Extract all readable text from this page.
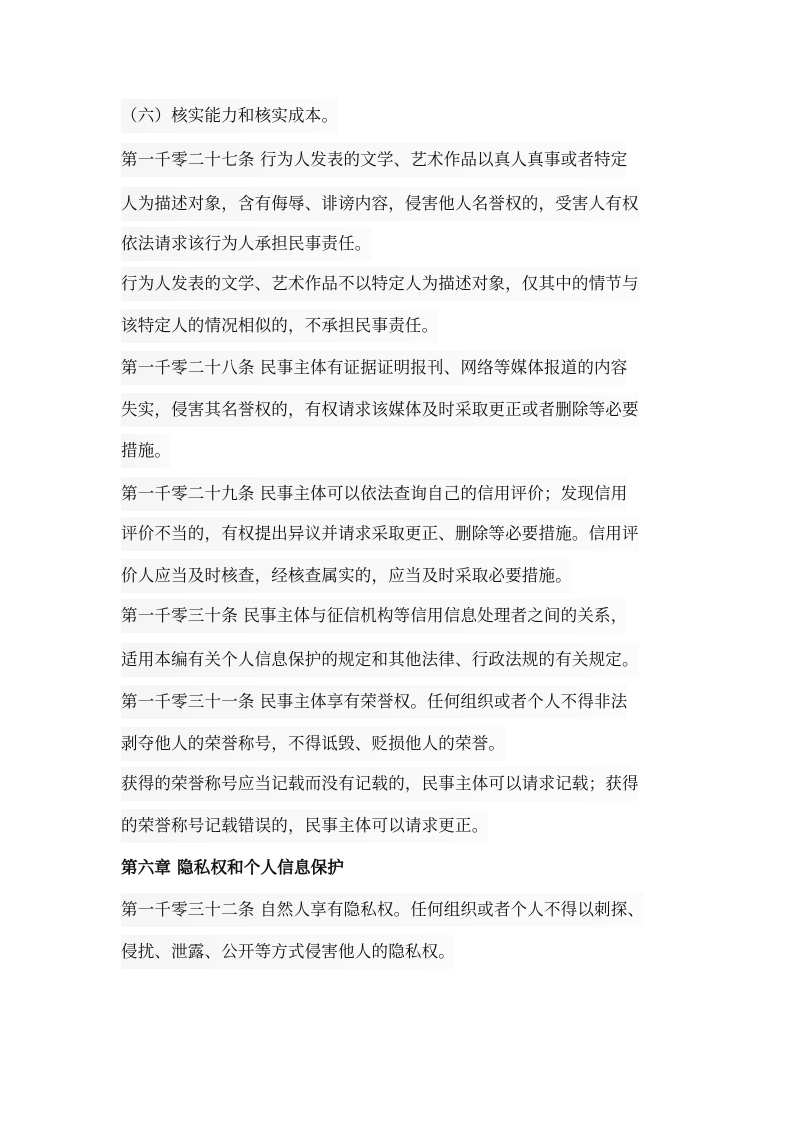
（六）核实能力和核实成本。
第一千零二十七条 行为人发表的文学、艺术作品以真人真事或者特定
人为描述对象，含有侮辱、诽谤内容，侵害他人名誉权的，受害人有权
依法请求该行为人承担民事责任。
行为人发表的文学、艺术作品不以特定人为描述对象，仅其中的情节与
该特定人的情况相似的，不承担民事责任。
第一千零二十八条 民事主体有证据证明报刊、网络等媒体报道的内容
失实，侵害其名誉权的，有权请求该媒体及时采取更正或者删除等必要
措施。
第一千零二十九条 民事主体可以依法查询自己的信用评价；发现信用
评价不当的，有权提出异议并请求采取更正、删除等必要措施。信用评
价人应当及时核查，经核查属实的，应当及时采取必要措施。
第一千零三十条 民事主体与征信机构等信用信息处理者之间的关系，
适用本编有关个人信息保护的规定和其他法律、行政法规的有关规定。
第一千零三十一条 民事主体享有荣誉权。任何组织或者个人不得非法
剥夺他人的荣誉称号，不得诋毁、贬损他人的荣誉。
获得的荣誉称号应当记载而没有记载的，民事主体可以请求记载；获得
的荣誉称号记载错误的，民事主体可以请求更正。
第六章 隐私权和个人信息保护
第一千零三十二条 自然人享有隐私权。任何组织或者个人不得以刺探、
侵扰、泄露、公开等方式侵害他人的隐私权。
